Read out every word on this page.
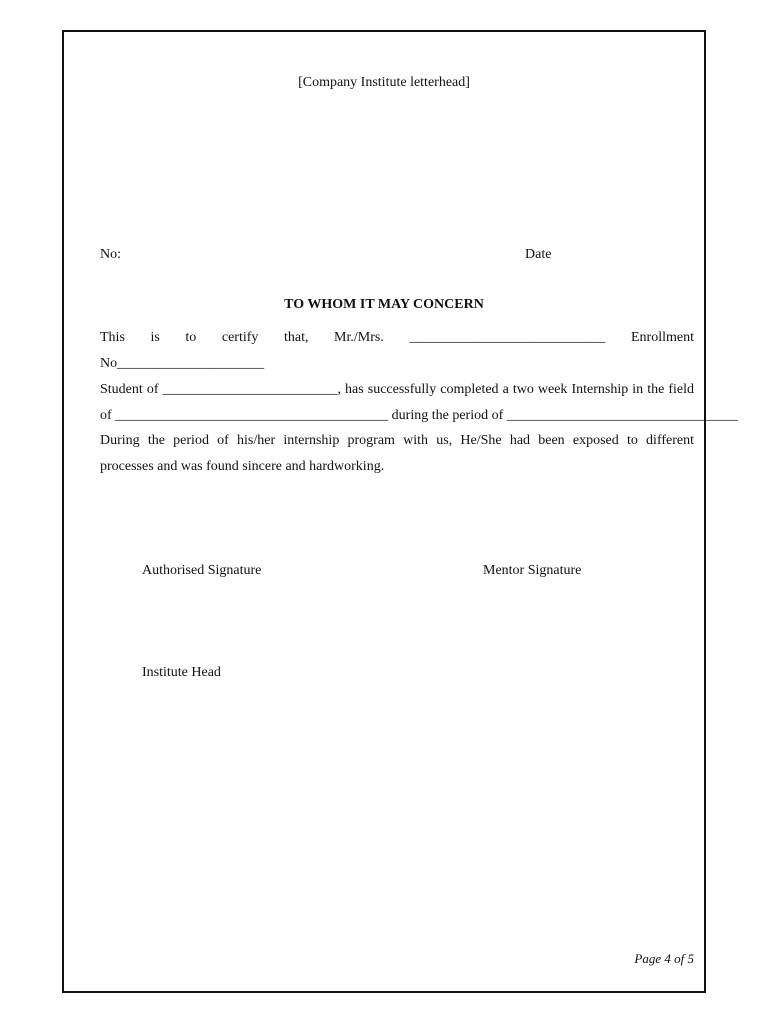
[Company Institute letterhead]
No:	Date
TO WHOM IT MAY CONCERN
This is to certify that, Mr./Mrs. ____________________________ Enrollment No_____________________
Student of _________________________, has successfully completed a two week Internship in the field
of _______________________________________ during the period of _________________________________
During the period of his/her internship program with us, He/She had been exposed to different
processes and was found sincere and hardworking.
Authorised Signature	Mentor Signature
Institute Head
Page 4 of 5
